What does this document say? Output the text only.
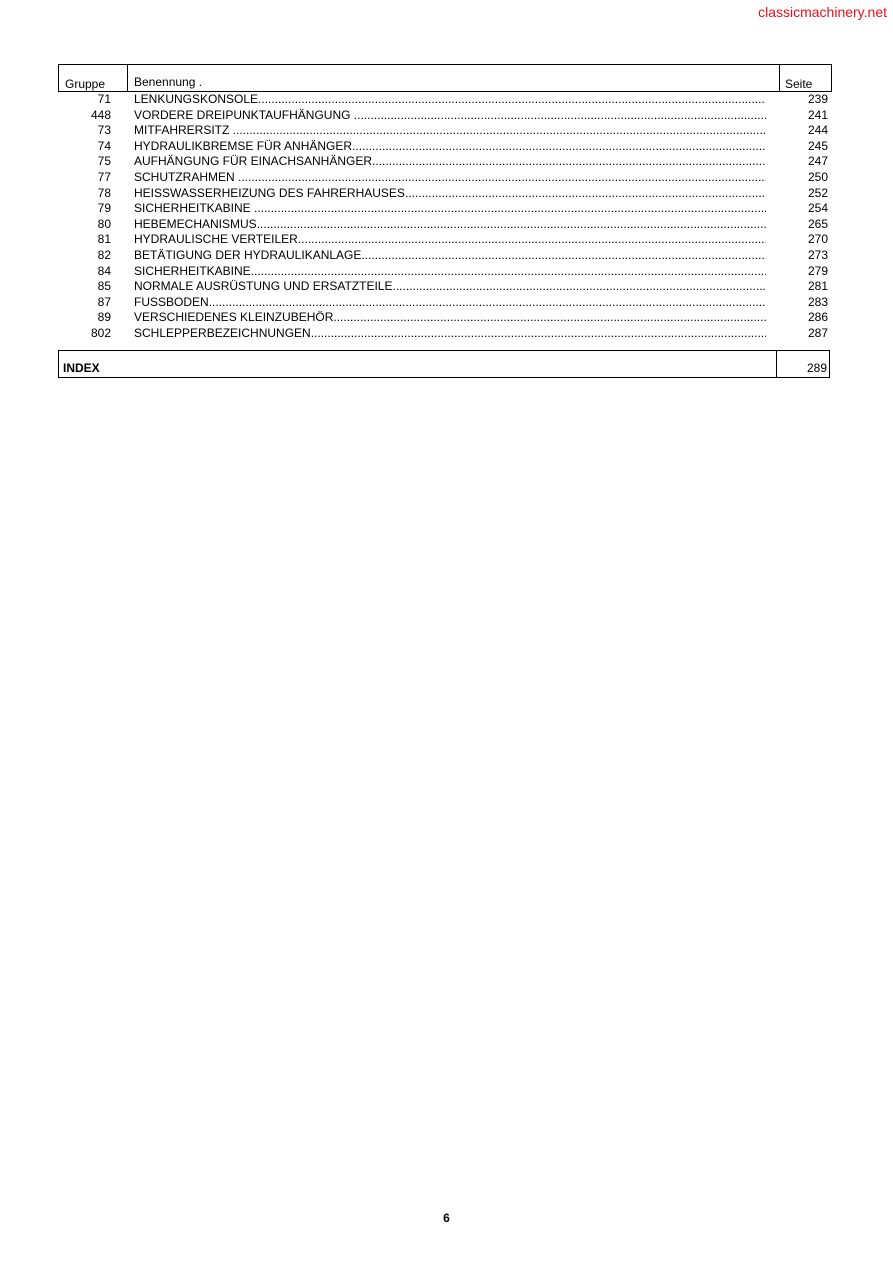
classicmachinery.net
Gruppe Benennung .	Seite
71 LENKUNGSKONSOLE .....	239
448 VORDERE DREIPUNKTAUFHÄNGUNG .....	241
73 MITFAHRERSITZ .....	244
74 HYDRAULIKBREMSE FÜR ANHÄNGER .....	245
75 AUFHÄNGUNG FÜR EINACHSANHÄNGER .....	247
77 SCHUTZRAHMEN .....	250
78 HEISSWASSERHEIZUNG DES FAHRERHAUSES .....	252
79 SICHERHEITKABINE .....	254
80 HEBEMECHANISMUS .....	265
81 HYDRAULISCHE VERTEILER .....	270
82 BETÄTIGUNG DER HYDRAULIKANLAGE .....	273
84 SICHERHEITKABINE .....	279
85 NORMALE AUSRÜSTUNG UND ERSATZTEILE .....	281
87 FUSSBODEN .....	283
89 VERSCHIEDENES KLEINZUBEHÖR .....	286
802 SCHLEPPERBEZEICHNUNGEN .....	287
INDEX	289
6
